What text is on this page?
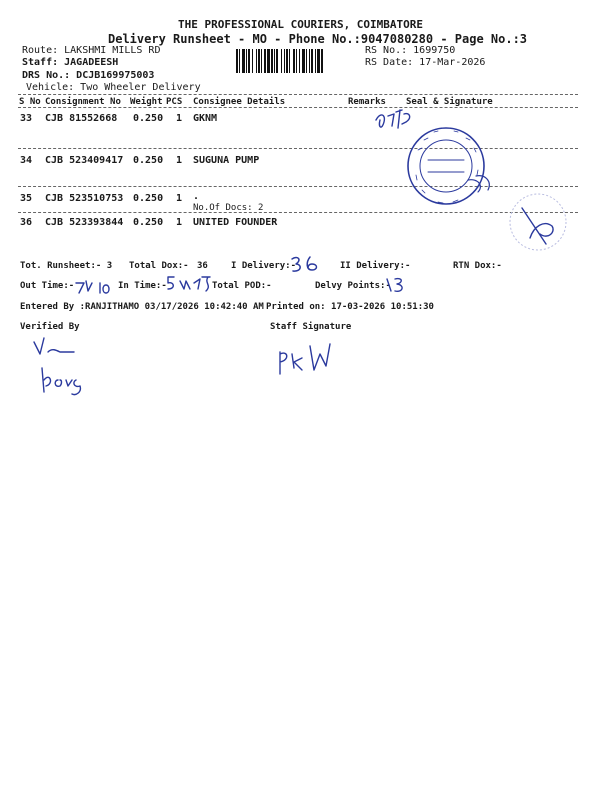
THE PROFESSIONAL COURIERS, COIMBATORE
Delivery Runsheet - MO - Phone No.:9047080280 - Page No.:3
Route: LAKSHMI MILLS RD
Staff: JAGADEESH
DRS No.: DCJB169975003
Vehicle: Two Wheeler Delivery
RS No.: 1699750
RS Date: 17-Mar-2026
S No Consignment No Weight PCS Consignee Details	Remarks Seal & Signature
33 CJB 81552668 0.250 1 GKNM
34 CJB 523409417 0.250 1 SUGUNA PUMP
35 CJB 523510753 0.250 1 .
No.Of Docs: 2
36 CJB 523393844 0.250 1 UNITED FOUNDER
Tot. Runsheet:- 3 Total Dox:- 36	I Delivery:-	II Delivery:-	RTN Dox:-
Out Time:-	In Time:-	Total POD:-	Delvy Points:-
Entered By :RANJITHAMO 03/17/2026 10:42:40 AM Printed on: 17-03-2026 10:51:30
Verified By	Staff Signature
